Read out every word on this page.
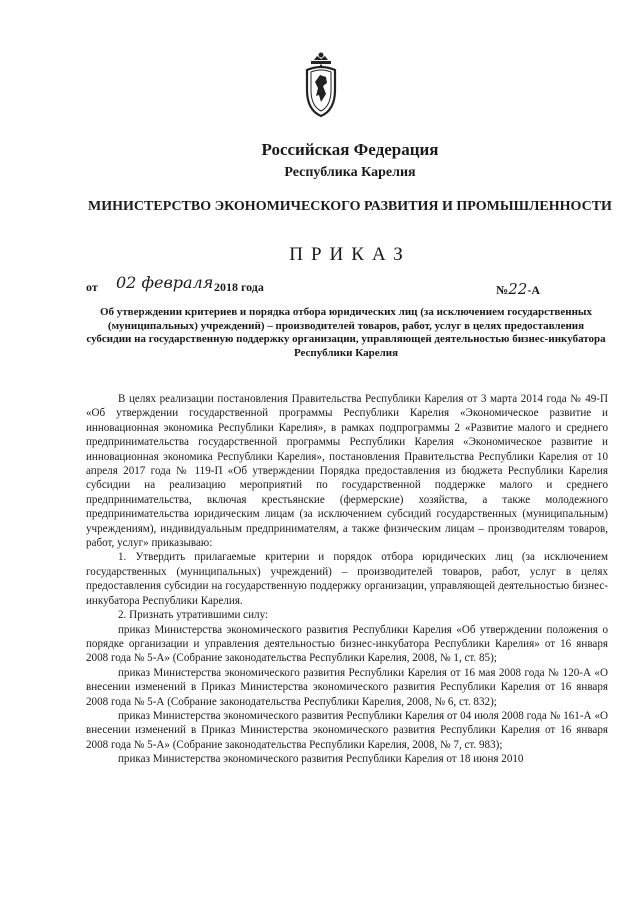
Российская Федерация
Республика Карелия
МИНИСТЕРСТВО ЭКОНОМИЧЕСКОГО РАЗВИТИЯ И ПРОМЫШЛЕННОСТИ
ПРИКАЗ
от 02 февраля 2018 года	№22-А
Об утверждении критериев и порядка отбора юридических лиц (за исключением государственных (муниципальных) учреждений) – производителей товаров, работ, услуг в целях предоставления субсидии на государственную поддержку организации, управляющей деятельностью бизнес-инкубатора Республики Карелия

В целях реализации постановления Правительства Республики Карелия от 3 марта 2014 года № 49-П «Об утверждении государственной программы Республики Карелия «Экономическое развитие и инновационная экономика Республики Карелия», в рамках подпрограммы 2 «Развитие малого и среднего предпринимательства государственной программы Республики Карелия «Экономическое развитие и инновационная экономика Республики Карелия», постановления Правительства Республики Карелия от 10 апреля 2017 года № 119-П «Об утверждении Порядка предоставления из бюджета Республики Карелия субсидии на реализацию мероприятий по государственной поддержке малого и среднего предпринимательства, включая крестьянские (фермерские) хозяйства, а также молодежного предпринимательства юридическим лицам (за исключением субсидий государственных (муниципальным) учреждениям), индивидуальным предпринимателям, а также физическим лицам – производителям товаров, работ, услуг» приказываю:

1. Утвердить прилагаемые критерии и порядок отбора юридических лиц (за исключением государственных (муниципальных) учреждений) – производителей товаров, работ, услуг в целях предоставления субсидии на государственную поддержку организации, управляющей деятельностью бизнес-инкубатора Республики Карелия.

2. Признать утратившими силу:

приказ Министерства экономического развития Республики Карелия «Об утверждении положения о порядке организации и управления деятельностью бизнес-инкубатора Республики Карелия» от 16 января 2008 года № 5-А» (Собрание законодательства Республики Карелия, 2008, № 1, ст. 85);

приказ Министерства экономического развития Республики Карелия от 16 мая 2008 года № 120-А «О внесении изменений в Приказ Министерства экономического развития Республики Карелия от 16 января 2008 года № 5-А (Собрание законодательства Республики Карелия, 2008, № 6, ст. 832);

приказ Министерства экономического развития Республики Карелия от 04 июля 2008 года № 161-А «О внесении изменений в Приказ Министерства экономического развития Республики Карелия от 16 января 2008 года № 5-А» (Собрание законодательства Республики Карелия, 2008, № 7, ст. 983);

приказ Министерства экономического развития Республики Карелия от 18 июня 2010
